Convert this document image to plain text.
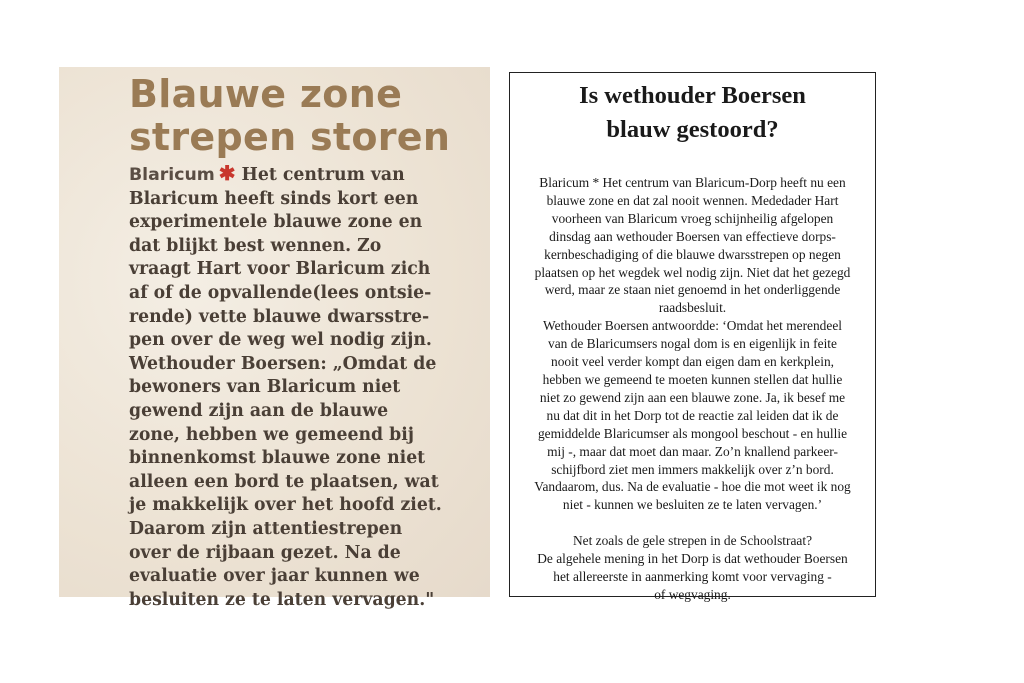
Blauwe zone
strepen storen
Blaricum ✱ Het centrum van
Blaricum heeft sinds kort een
experimentele blauwe zone en
dat blijkt best wennen. Zo
vraagt Hart voor Blaricum zich
af of de opvallende(lees ontsie-
rende) vette blauwe dwarsstre-
pen over de weg wel nodig zijn.
Wethouder Boersen: „Omdat de
bewoners van Blaricum niet
gewend zijn aan de blauwe
zone, hebben we gemeend bij
binnenkomst blauwe zone niet
alleen een bord te plaatsen, wat
je makkelijk over het hoofd ziet.
Daarom zijn attentiestrepen
over de rijbaan gezet. Na de
evaluatie over jaar kunnen we
besluiten ze te laten vervagen."
Is wethouder Boersen
blauw gestoord?
Blaricum * Het centrum van Blaricum-Dorp heeft nu een
blauwe zone en dat zal nooit wennen. Mededader Hart
voorheen van Blaricum vroeg schijnheilig afgelopen
dinsdag aan wethouder Boersen van effectieve dorps-
kernbeschadiging of die blauwe dwarsstrepen op negen
plaatsen op het wegdek wel nodig zijn. Niet dat het gezegd
werd, maar ze staan niet genoemd in het onderliggende
raadsbesluit.
Wethouder Boersen antwoordde: ‘Omdat het merendeel
van de Blaricumsers nogal dom is en eigenlijk in feite
nooit veel verder kompt dan eigen dam en kerkplein,
hebben we gemeend te moeten kunnen stellen dat hullie
niet zo gewend zijn aan een blauwe zone. Ja, ik besef me
nu dat dit in het Dorp tot de reactie zal leiden dat ik de
gemiddelde Blaricumser als mongool beschout - en hullie
mij -, maar dat moet dan maar. Zo’n knallend parkeer-
schijfbord ziet men immers makkelijk over z’n bord.
Vandaarom, dus. Na de evaluatie - hoe die mot weet ik nog
niet - kunnen we besluiten ze te laten vervagen.’
Net zoals de gele strepen in de Schoolstraat?
De algehele mening in het Dorp is dat wethouder Boersen
het allereerste in aanmerking komt voor vervaging -
of wegvaging.
